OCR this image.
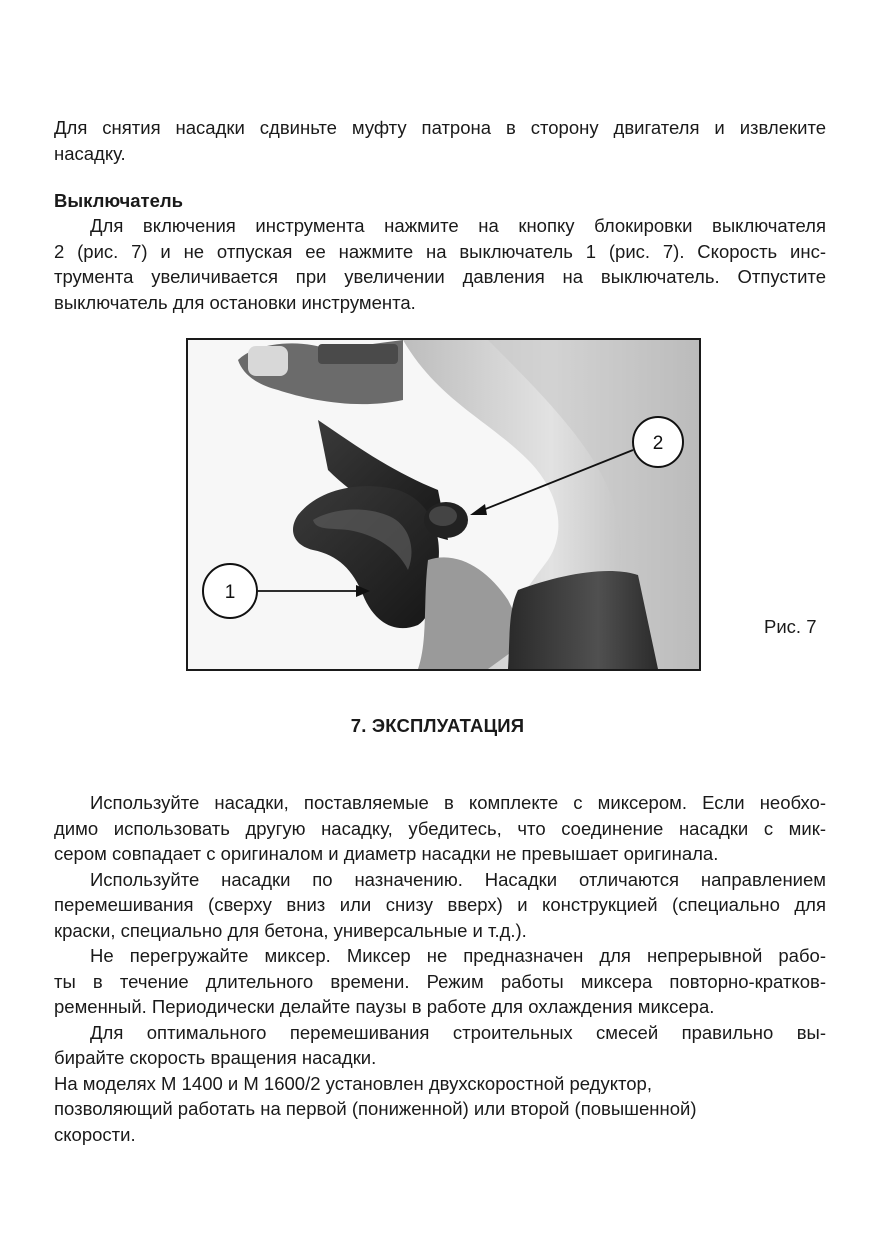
Для снятия насадки сдвиньте муфту патрона в сторону двигателя и извлеките
насадку.
Выключатель
Для включения инструмента нажмите на кнопку блокировки выключателя
2 (рис. 7) и не отпуская ее нажмите на выключатель 1 (рис. 7). Скорость инс-
трумента увеличивается при увеличении давления на выключатель. Отпустите
выключатель для остановки инструмента.
2
1
Рис. 7
7. ЭКСПЛУАТАЦИЯ
Используйте насадки, поставляемые в комплекте с миксером. Если необхо-
димо использовать другую насадку, убедитесь, что соединение насадки с мик-
сером совпадает с оригиналом и диаметр насадки не превышает оригинала.
Используйте насадки по назначению. Насадки отличаются направлением
перемешивания (сверху вниз или снизу вверх) и конструкцией (специально для
краски, специально для бетона, универсальные и т.д.).
Не перегружайте миксер. Миксер не предназначен для непрерывной рабо-
ты в течение длительного времени. Режим работы миксера повторно-кратков-
ременный. Периодически делайте паузы в работе для охлаждения миксера.
Для оптимального перемешивания строительных смесей правильно вы-
бирайте скорость вращения насадки.
На моделях М 1400 и М 1600/2 установлен двухскоростной редуктор,
позволяющий работать на первой (пониженной) или второй (повышенной)
скорости.
